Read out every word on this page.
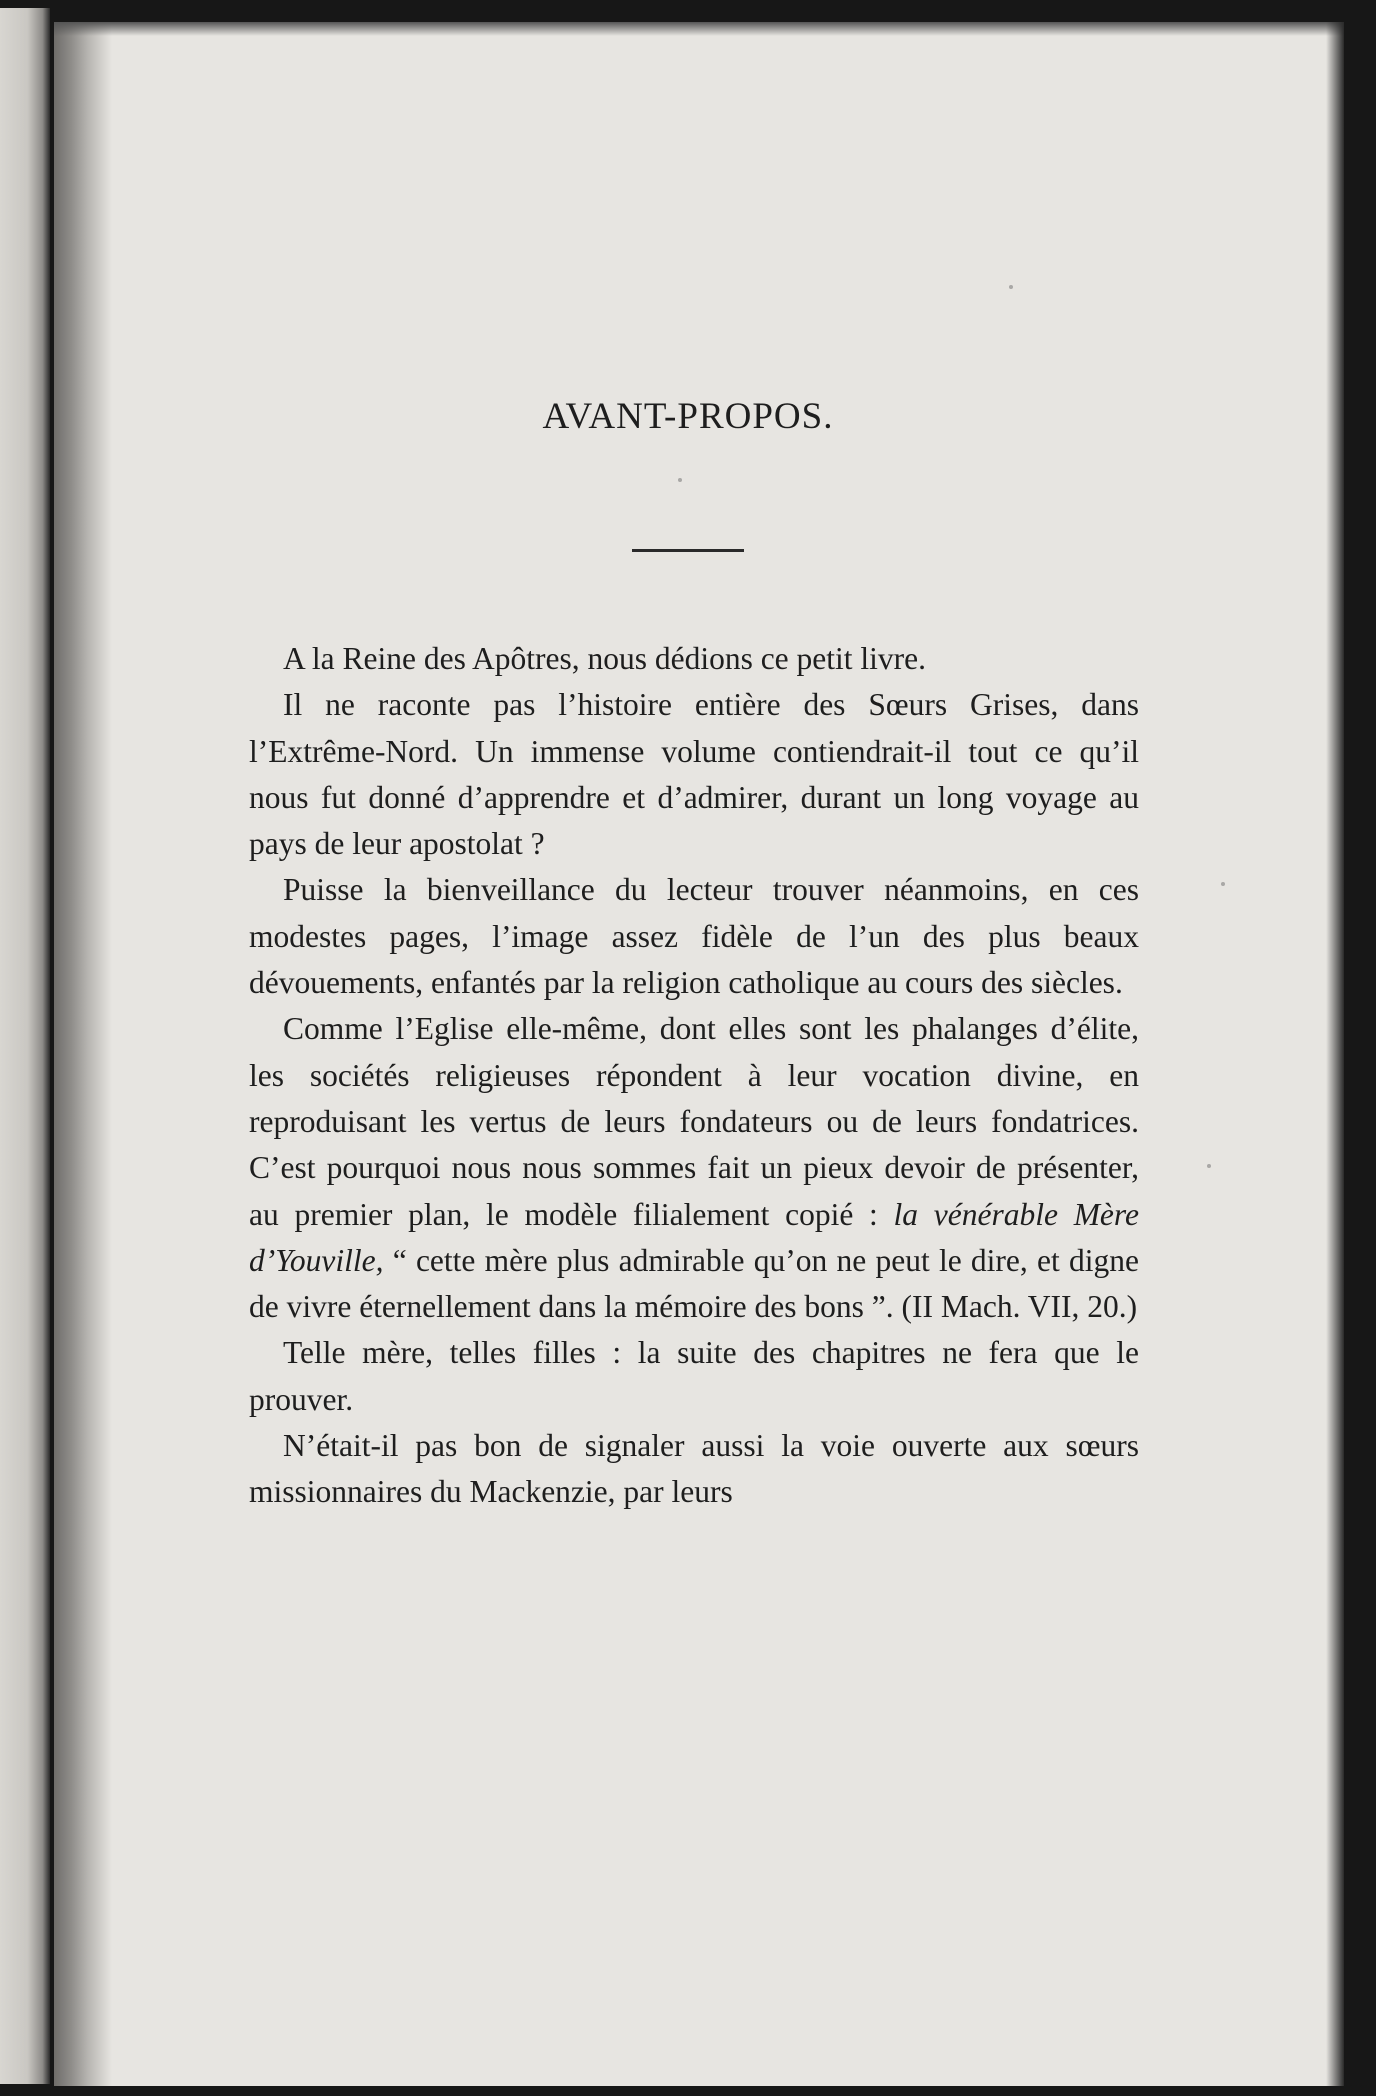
AVANT-PROPOS.

A la Reine des Apôtres, nous dédions ce petit livre.

Il ne raconte pas l’histoire entière des Sœurs Grises, dans l’Extrême-Nord. Un immense volume contiendrait-il tout ce qu’il nous fut donné d’apprendre et d’admirer, durant un long voyage au pays de leur apostolat ?

Puisse la bienveillance du lecteur trouver néanmoins, en ces modestes pages, l’image assez fidèle de l’un des plus beaux dévouements, enfantés par la religion catholique au cours des siècles.

Comme l’Eglise elle-même, dont elles sont les phalanges d’élite, les sociétés religieuses répondent à leur vocation divine, en reproduisant les vertus de leurs fondateurs ou de leurs fondatrices. C’est pourquoi nous nous sommes fait un pieux devoir de présenter, au premier plan, le modèle filialement copié : la vénérable Mère d’Youville, “ cette mère plus admirable qu’on ne peut le dire, et digne de vivre éternellement dans la mémoire des bons ”. (II Mach. VII, 20.)

Telle mère, telles filles : la suite des chapitres ne fera que le prouver.

N’était-il pas bon de signaler aussi la voie ouverte aux sœurs missionnaires du Mackenzie, par leurs
